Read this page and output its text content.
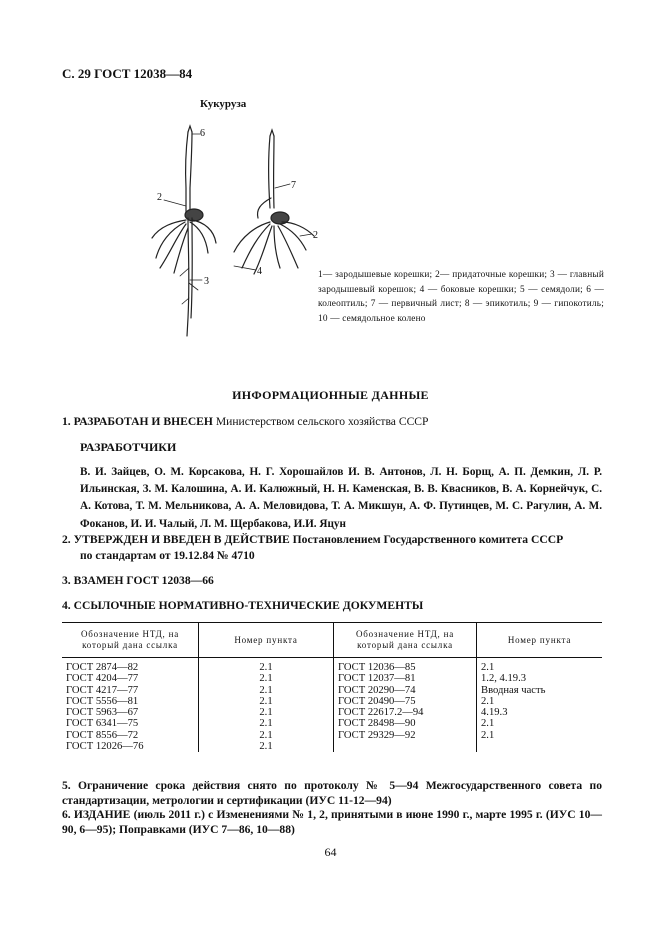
С. 29 ГОСТ 12038—84
Кукуруза
6
2
3
7
2
4	1— зародышевые корешки; 2— придаточные корешки; 3 — главный зародышевый корешок; 4 — боковые корешки; 5 — семядоли; 6 — колеоптиль; 7 — первичный лист; 8 — эпикотиль; 9 — гипокотиль; 10 — семядольное колено
ИНФОРМАЦИОННЫЕ ДАННЫЕ
1. РАЗРАБОТАН И ВНЕСЕН Министерством сельского хозяйства СССР
РАЗРАБОТЧИКИ
В. И. Зайцев, О. М. Корсакова, Н. Г. Хорошайлов И. В. Антонов, Л. Н. Борщ, А. П. Демкин, Л. Р. Ильинская, З. М. Калошина, А. И. Калюжный, Н. Н. Каменская, В. В. Квасников, В. А. Корнейчук, С. А. Котова, Т. М. Мельникова, А. А. Меловидова, Т. А. Микшун, А. Ф. Путинцев, М. С. Рагулин, А. М. Фоканов, И. И. Чалый, Л. М. Щербакова, И.И. Яцун
2. УТВЕРЖДЕН И ВВЕДЕН В ДЕЙСТВИЕ Постановлением Государственного комитета СССР
по стандартам от 19.12.84 № 4710
3. ВЗАМЕН ГОСТ 12038—66
4. ССЫЛОЧНЫЕ НОРМАТИВНО-ТЕХНИЧЕСКИЕ ДОКУМЕНТЫ
Обозначение НТД, на который дана ссылка	Номер пункта	Обозначение НТД, на который дана ссылка	Номер пункта
ГОСТ 2874—82	2.1	ГОСТ 12036—85	2.1
ГОСТ 4204—77	2.1	ГОСТ 12037—81	1.2, 4.19.3
ГОСТ 4217—77	2.1	ГОСТ 20290—74	Вводная часть
ГОСТ 5556—81	2.1	ГОСТ 20490—75	2.1
ГОСТ 5963—67	2.1	ГОСТ 22617.2—94	4.19.3
ГОСТ 6341—75	2.1	ГОСТ 28498—90	2.1
ГОСТ 8556—72	2.1	ГОСТ 29329—92	2.1
ГОСТ 12026—76	2.1		
5. Ограничение срока действия снято по протоколу № 5—94 Межгосударственного совета по стандартизации, метрологии и сертификации (ИУС 11-12—94)
6. ИЗДАНИЕ (июль 2011 г.) с Изменениями № 1, 2, принятыми в июне 1990 г., марте 1995 г. (ИУС 10—90, 6—95); Поправками (ИУС 7—86, 10—88)
64
